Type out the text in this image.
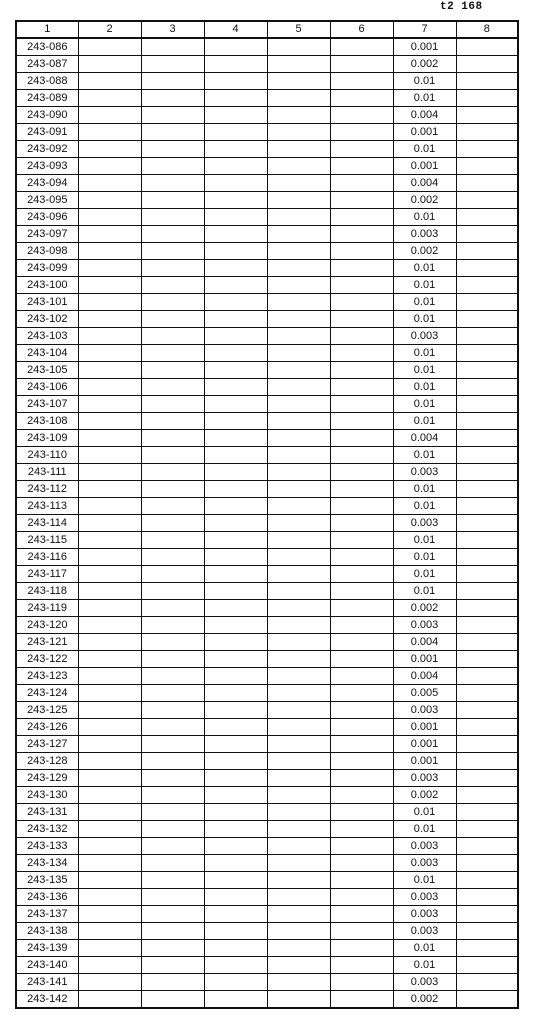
t2 168
1	2	3	4	5	6	7	8
243-086						0.001	
243-087						0.002	
243-088						0.01	
243-089						0.01	
243-090						0.004	
243-091						0.001	
243-092						0.01	
243-093						0.001	
243-094						0.004	
243-095						0.002	
243-096						0.01	
243-097						0.003	
243-098						0.002	
243-099						0.01	
243-100						0.01	
243-101						0.01	
243-102						0.01	
243-103						0.003	
243-104						0.01	
243-105						0.01	
243-106						0.01	
243-107						0.01	
243-108						0.01	
243-109						0.004	
243-110						0.01	
243-111						0.003	
243-112						0.01	
243-113						0.01	
243-114						0.003	
243-115						0.01	
243-116						0.01	
243-117						0.01	
243-118						0.01	
243-119						0.002	
243-120						0.003	
243-121						0.004	
243-122						0.001	
243-123						0.004	
243-124						0.005	
243-125						0.003	
243-126						0.001	
243-127						0.001	
243-128						0.001	
243-129						0.003	
243-130						0.002	
243-131						0.01	
243-132						0.01	
243-133						0.003	
243-134						0.003	
243-135						0.01	
243-136						0.003	
243-137						0.003	
243-138						0.003	
243-139						0.01	
243-140						0.01	
243-141						0.003	
243-142						0.002	
